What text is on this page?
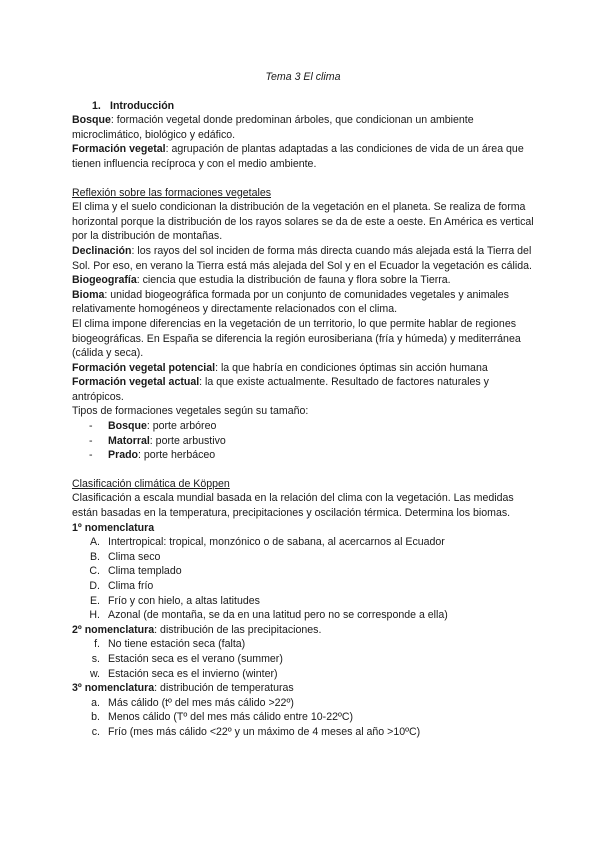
Tema 3 El clima

1. Introducción

Bosque: formación vegetal donde predominan árboles, que condicionan un ambiente microclimático, biológico y edáfico.

Formación vegetal: agrupación de plantas adaptadas a las condiciones de vida de un área que tienen influencia recíproca y con el medio ambiente.

Reflexión sobre las formaciones vegetales

El clima y el suelo condicionan la distribución de la vegetación en el planeta. Se realiza de forma horizontal porque la distribución de los rayos solares se da de este a oeste. En América es vertical por la distribución de montañas.

Declinación: los rayos del sol inciden de forma más directa cuando más alejada está la Tierra del Sol. Por eso, en verano la Tierra está más alejada del Sol y en el Ecuador la vegetación es cálida.

Biogeografía: ciencia que estudia la distribución de fauna y flora sobre la Tierra.

Bioma: unidad biogeográfica formada por un conjunto de comunidades vegetales y animales relativamente homogéneos y directamente relacionados con el clima.

El clima impone diferencias en la vegetación de un territorio, lo que permite hablar de regiones biogeográficas. En España se diferencia la región eurosiberiana (fría y húmeda) y mediterránea (cálida y seca).

Formación vegetal potencial: la que habría en condiciones óptimas sin acción humana

Formación vegetal actual: la que existe actualmente. Resultado de factores naturales y antrópicos.

Tipos de formaciones vegetales según su tamaño:

-	Bosque: porte arbóreo
-	Matorral: porte arbustivo
-	Prado: porte herbáceo

Clasificación climática de Köppen

Clasificación a escala mundial basada en la relación del clima con la vegetación. Las medidas están basadas en la temperatura, precipitaciones y oscilación térmica. Determina los biomas.

1º nomenclatura

A. Intertropical: tropical, monzónico o de sabana, al acercarnos al Ecuador
B. Clima seco
C. Clima templado
D. Clima frío
E. Frío y con hielo, a altas latitudes
H. Azonal (de montaña, se da en una latitud pero no se corresponde a ella)

2º nomenclatura: distribución de las precipitaciones.

f. No tiene estación seca (falta)
s. Estación seca es el verano (summer)
w. Estación seca es el invierno (winter)

3º nomenclatura: distribución de temperaturas

a. Más cálido (tº del mes más cálido >22º)
b. Menos cálido (Tº del mes más cálido entre 10-22ºC)
c. Frío (mes más cálido <22º y un máximo de 4 meses al año >10ºC)
